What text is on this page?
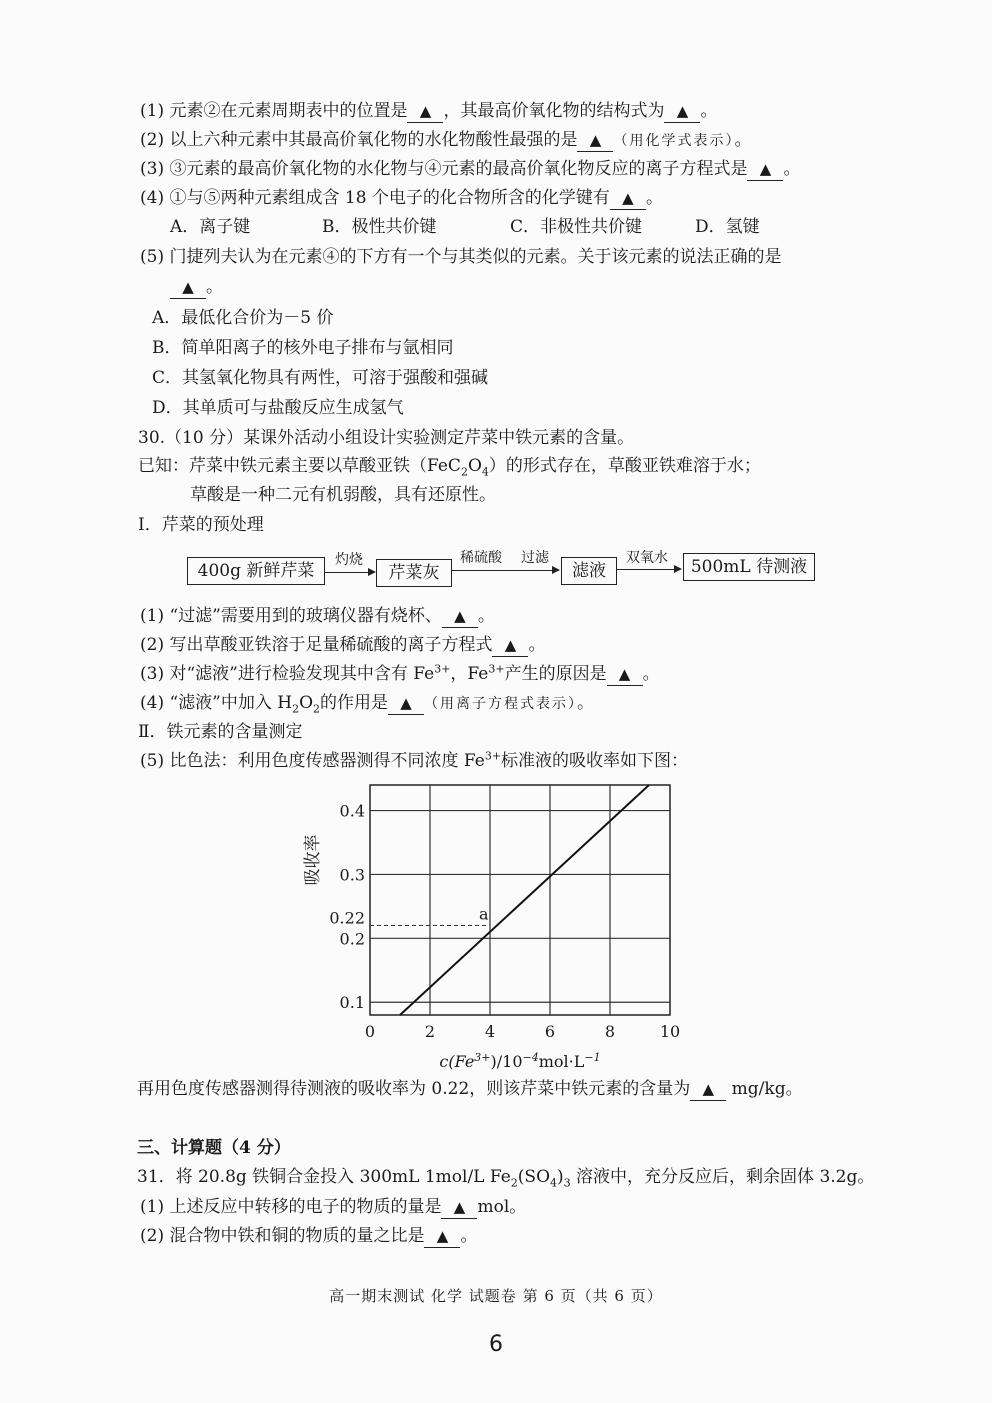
(1) 元素②在元素周期表中的位置是 ▲ ，其最高价氧化物的结构式为 ▲ 。
(2) 以上六种元素中其最高价氧化物的水化物酸性最强的是 ▲ （用化学式表示）。
(3) ③元素的最高价氧化物的水化物与④元素的最高价氧化物反应的离子方程式是 ▲ 。
(4) ①与⑤两种元素组成含 18 个电子的化合物所含的化学键有 ▲ 。
A．离子键	B．极性共价键	C．非极性共价键	D．氢键
(5) 门捷列夫认为在元素④的下方有一个与其类似的元素。关于该元素的说法正确的是
▲ 。
A．最低化合价为－5 价
B．简单阳离子的核外电子排布与氩相同
C．其氢氧化物具有两性，可溶于强酸和强碱
D．其单质可与盐酸反应生成氢气
30.（10 分）某课外活动小组设计实验测定芹菜中铁元素的含量。
已知：芹菜中铁元素主要以草酸亚铁$(FeC_2O_4)$的形式存在，草酸亚铁难溶于水；
草酸是一种二元有机弱酸，具有还原性。
Ⅰ．芹菜的预处理
400g 新鲜芹菜
灼烧
芹菜灰
稀硫酸 过滤
滤液
双氧水	500mL 待测液
(1) “过滤”需要用到的玻璃仪器有烧杯、 ▲ 。
(2) 写出草酸亚铁溶于足量稀硫酸的离子方程式 ▲ 。
(3) 对“滤液”进行检验发现其中含有 $Fe^{3+}$，$Fe^{3+}$产生的原因是 ▲ 。
(4) “滤液”中加入 $H_2O_2$的作用是 ▲ （用离子方程式表示）。
Ⅱ．铁元素的含量测定
(5) 比色法：利用色度传感器测得不同浓度 $Fe^{3+}$标准液的吸收率如下图：
0	2	4	6	8	10
0.1
0.2
0.22
0.3
0.4
a
吸收率
$c(Fe^{3+})/10^{-4}mol\cdot L^{-1}$
再用色度传感器测得待测液的吸收率为 0.22，则该芹菜中铁元素的含量为 ▲ mg/kg。
三、计算题（4 分）
31．将 20.8g 铁铜合金投入 300mL 1mol/L $Fe_2(SO_4)_3$ 溶液中，充分反应后，剩余固体 3.2g。
(1) 上述反应中转移的电子的物质的量是 ▲ mol。
(2) 混合物中铁和铜的物质的量之比是 ▲ 。
高一期末测试 化学 试题卷 第 6 页（共 6 页）
6
